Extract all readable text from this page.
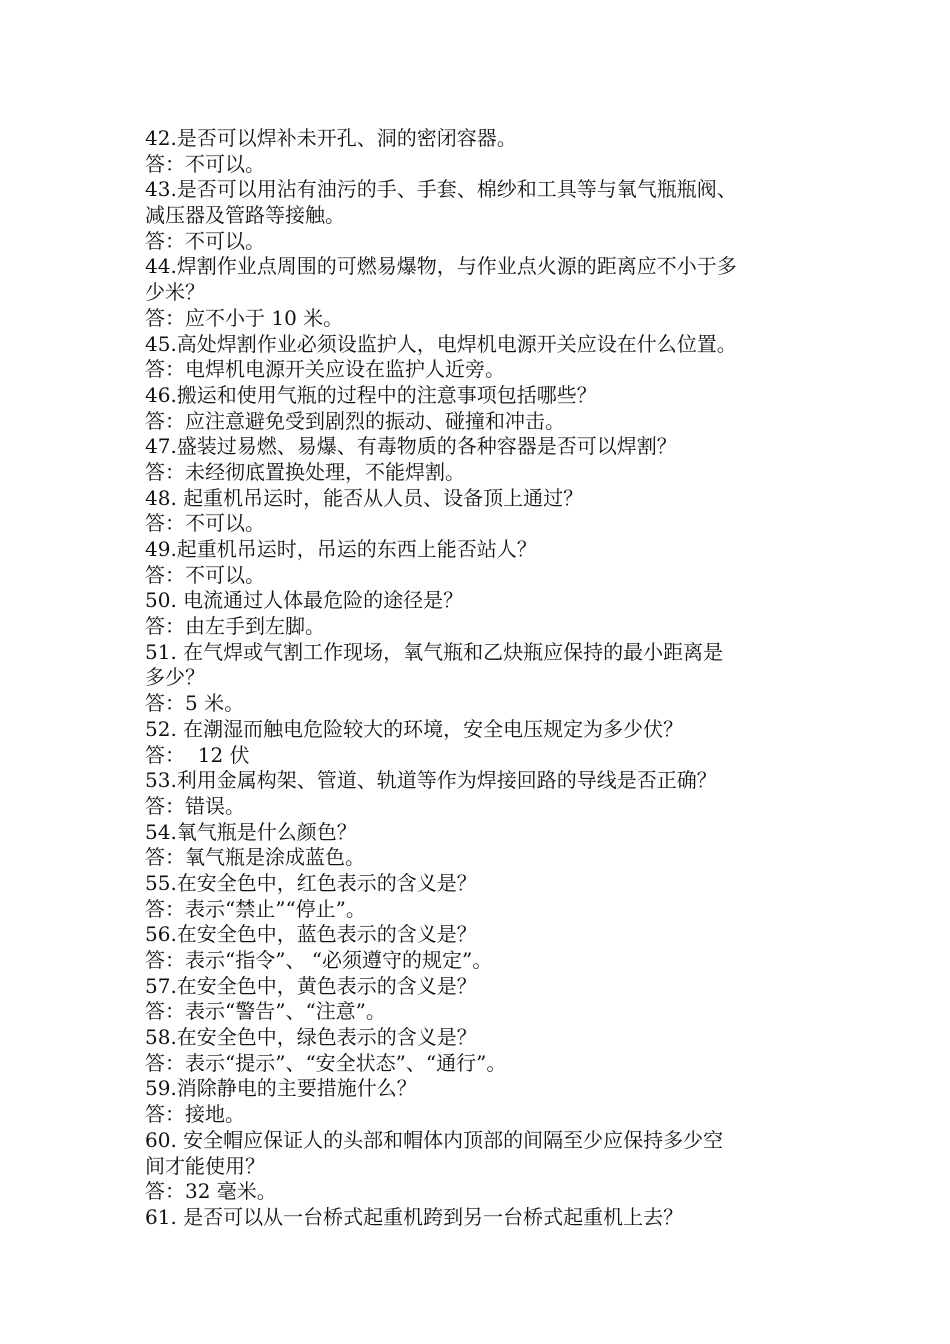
42.是否可以焊补未开孔、洞的密闭容器。
答：不可以。
43.是否可以用沾有油污的手、手套、棉纱和工具等与氧气瓶瓶阀、
减压器及管路等接触。
答：不可以。
44.焊割作业点周围的可燃易爆物，与作业点火源的距离应不小于多
少米？
答：应不小于 10 米。
45.高处焊割作业必须设监护人，电焊机电源开关应设在什么位置。
答：电焊机电源开关应设在监护人近旁。
46.搬运和使用气瓶的过程中的注意事项包括哪些？
答：应注意避免受到剧烈的振动、碰撞和冲击。
47.盛装过易燃、易爆、有毒物质的各种容器是否可以焊割？
答：未经彻底置换处理，不能焊割。
48. 起重机吊运时，能否从人员、设备顶上通过？
答：不可以。
49.起重机吊运时，吊运的东西上能否站人？
答：不可以。
50. 电流通过人体最危险的途径是？
答：由左手到左脚。
51. 在气焊或气割工作现场，氧气瓶和乙炔瓶应保持的最小距离是
多少？
答：5 米。
52. 在潮湿而触电危险较大的环境，安全电压规定为多少伏？
答：  12 伏
53.利用金属构架、管道、轨道等作为焊接回路的导线是否正确？
答：错误。
54.氧气瓶是什么颜色？
答：氧气瓶是涂成蓝色。
55.在安全色中，红色表示的含义是？
答：表示“禁止”“停止”。
56.在安全色中，蓝色表示的含义是？
答：表示“指令”、 “必须遵守的规定”。
57.在安全色中，黄色表示的含义是？
答：表示“警告”、“注意”。
58.在安全色中，绿色表示的含义是？
答：表示“提示”、“安全状态”、“通行”。
59.消除静电的主要措施什么？
答：接地。
60. 安全帽应保证人的头部和帽体内顶部的间隔至少应保持多少空
间才能使用？
答：32 毫米。
61. 是否可以从一台桥式起重机跨到另一台桥式起重机上去？
